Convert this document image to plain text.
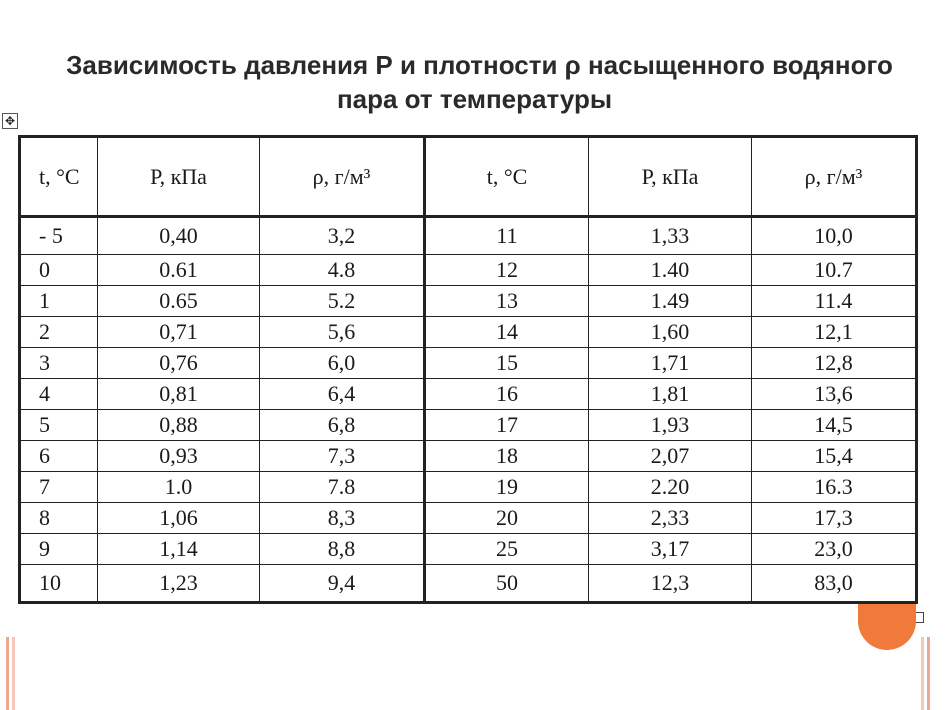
Зависимость давления Р и плотности ρ насыщенного водяного
пара от температуры
✥
t, °C	Р, кПа	ρ, г/м³	t, °C	Р, кПа	ρ, г/м³
- 5	0,40	3,2	11	1,33	10,0
0	0.61	4.8	12	1.40	10.7
1	0.65	5.2	13	1.49	11.4
2	0,71	5,6	14	1,60	12,1
3	0,76	6,0	15	1,71	12,8
4	0,81	6,4	16	1,81	13,6
5	0,88	6,8	17	1,93	14,5
6	0,93	7,3	18	2,07	15,4
7	1.0	7.8	19	2.20	16.3
8	1,06	8,3	20	2,33	17,3
9	1,14	8,8	25	3,17	23,0
10	1,23	9,4	50	12,3	83,0
